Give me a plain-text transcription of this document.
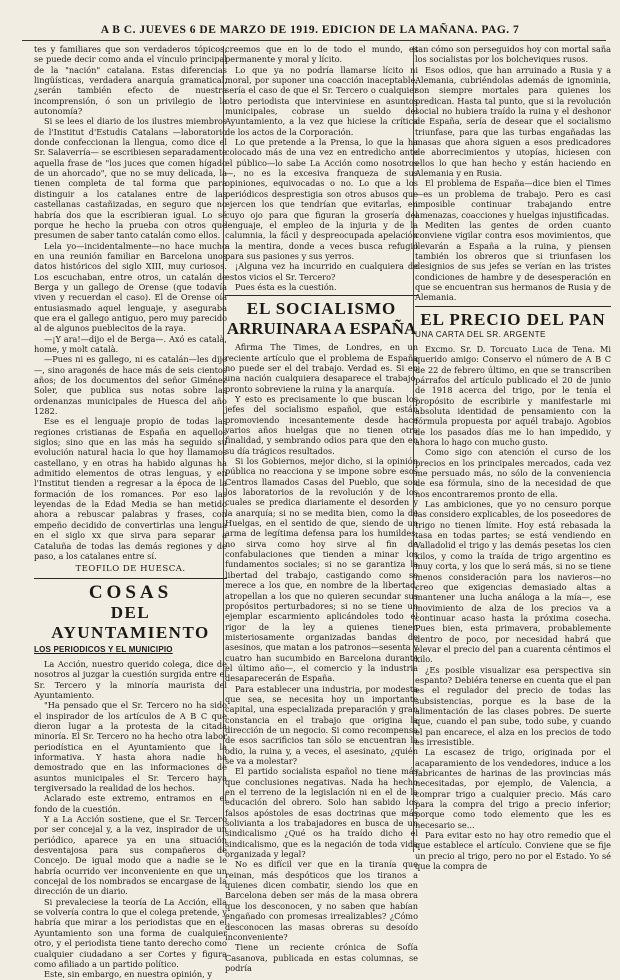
A B C. JUEVES 6 DE MARZO DE 1919. EDICION DE LA MAÑANA. PAG. 7

tes y familiares que son verdaderos tópicos, se puede decir como anda el vínculo principal de la "nación" catalana. Estas diferencias lingüísticas, verdadera anarquía gramatical, ¿serán también efecto de nuestra incomprensión, ó son un privilegio de la autonomía?

Si se lees el diario de los ilustres miembros de l'Institut d'Estudis Catalans —laboratorio donde confeccionan la llengua, como dice el Sr. Salaverría— se escribiesen separadamente aquella frase de "los juces que comen hígado de un ahorcado", que no se muy delicada, la tienen completa de tal forma que para distinguir a los catalanes entre de las castellanas castañizadas, en seguro que no habría dos que la escribieran igual. Lo sé porque he hecho la prueba con otros que presumen de saber tanto catalán como ellos.

Lela yo—incidentalmente—no hace mucho en una reunión familiar en Barcelona unos datos históricos del siglo XIII, muy curiosos. Los escuchaban, entre otros, un catalán de Berga y un gallego de Orense (que todavía viven y recuerdan el caso). El de Orense oía entusiasmado aquel lenguaje, y aseguraba que era el gallego antiguo, pero muy parecido al de algunos pueblecitos de la raya.

—¡Y ara!—dijo el de Berga—. Axó es català, home, y molt català.

—Pues ni es gallego, ni es catalán—les dije—, sino aragonés de hace más de seis cientos años; de los documentos del señor Giménez Soler, que publica sus notas sobre las ordenanzas municipales de Huesca del año 1282.

Ese es el lenguaje propio de todas las regiones cristianas de España en aquellos siglos; sino que en las más ha seguido su evolución natural hacia lo que hoy llamamos castellano, y en otras ha habido algunas ha admitido elementos de otras lenguas, y en l'Institut tienden a regresar a la época de la formación de los romances. Por eso las leyendas de la Edad Media se han metido ahora a rebuscar palabras y frases, con empeño decidido de convertirlas una lengua en el siglo xx que sirva para separar a Cataluña de todas las demás regiones y de paso, a los catalanes entre sí.

TEOFILO DE HUESCA.
COSAS
DEL AYUNTAMIENTO
LOS PERIODICOS Y EL MUNICIPIO

La Acción, nuestro querido colega, dice de nosotros al juzgar la cuestión surgida entre el Sr. Tercero y la minoría maurista del Ayuntamiento.

"Ha pensado que el Sr. Tercero no ha sido el inspirador de los artículos de A B C que dieron lugar a la protesta de la citada minoría. El Sr. Tercero no ha hecho otra labor periodística en el Ayuntamiento que la informativa. Y hasta ahora nadie ha demostrado que en las informaciones de asuntos municipales el Sr. Tercero haya tergiversado la realidad de los hechos.

Aclarado este extremo, entramos en el fondo de la cuestión.

Y a La Acción sostiene, que el Sr. Tercero por ser concejal y, a la vez, inspirador de un periódico, aparece ya en una situación desventajosa para sus compañeros de Concejo. De igual modo que a nadie se le habría ocurrido ver inconveniente en que un concejal de los nombrados se encargase de la dirección de un diario.

Si prevaleciese la teoría de La Acción, ella se volvería contra lo que el colega pretende, y habría que mirar a los periodistas que en el Ayuntamiento son una forma de cualquier otro, y el periodista tiene tanto derecho como cualquier ciudadano a ser Cortes y figura como afiliado a un partido político.

Este, sin embargo, en nuestra opinión, y

creemos que en lo de todo el mundo, es permanente y moral y lícito.

Lo que ya no podría llamarse lícito ni moral, por suponer una coacción inaceptable, sería el caso de que el Sr. Tercero o cualquier otro periodista que interviniese en asuntos municipales, cobrase un sueldo del Ayuntamiento, a la vez que hiciese la crítica de los actos de la Corporación.

Lo que pretende a la Prensa, lo que la ha colocado más de una vez en entredicho ante el público—lo sabe La Acción como nosotros—, no es la excesiva franqueza de sus opiniones, equivocadas o no. Lo que a los periódicos desprestigia son otros abusos que ejercen los que tendrían que evitarlas, en cuyo ojo para que figuran la grosería del lenguaje, el empleo de la injuria y de la calumnia, la fácil y despreocupada apelación a la mentira, donde a veces busca refugio para sus pasiones y sus yerros.

¡Alguna vez ha incurrido en cualquiera de estos vicios el Sr. Tercero?

Pues ésta es la cuestión.

EL SOCIALISMO
ARRUINARA A ESPAÑA

Afirma The Times, de Londres, en un reciente artículo que el problema de España no puede ser el del trabajo. Verdad es. Si en una nación cualquiera desaparece el trabajo, pronto sobreviene la ruina y la anarquía.

Y esto es precisamente lo que buscan los jefes del socialismo español, que están promoviendo incesantemente desde hace varios años huelgas que no tienen otra finalidad, y sembrando odios para que den en su día trágicos resultados.

Si los Gobiernos, mejor dicho, si la opinión pública no reacciona y se impone sobre esos Centros llamados Casas del Pueblo, que son los laboratorios de la revolución y de los cuales se predica diariamente el desorden y la anarquía; si no se medita bien, como la de Huelgas, en el sentido de que, siendo de un arma de legítima defensa para los humildes, no sirva como hoy sirve al fin de confabulaciones que tienden a minar los fundamentos sociales; si no se garantiza la libertad del trabajo, castigando como se merece a los que, en nombre de la libertad, atropellan a los que no quieren secundar sus propósitos perturbadores; si no se tiene un ejemplar escarmiento aplicándoles todo el rigor de la ley a quienes tienen misteriosamente organizadas bandas de asesinos, que matan a los patronos—sesenta y cuatro han sucumbido en Barcelona durante el último año—, el comercio y la industria desaparecerán de España.

Para establecer una industria, por modesta que sea, se necesita hoy un importante capital, una especializada preparación y gran constancia en el trabajo que origina la dirección de un negocio. Si como recompensa de esos sacrificios tan sólo se encuentran la odio, la ruina y, a veces, el asesinato, ¿quién se va a molestar?

El partido socialista español no tiene más que conclusiones negativas. Nada ha hecho en el terreno de la legislación ni en el de la educación del obrero. Solo han sabido los falsos apóstoles de esas doctrinas que más solivianta a los trabajadores en busca de un sindicalismo ¿Qué os ha traído dicho el sindicalismo, que es la negación de toda vida organizada y legal?

No es difícil ver que en la tiranía que reinan, más despóticos que los tiranos a quienes dicen combatir, siendo los que en Barcelona deben ser más de la masa obrera que los desconocen, y no saben que habían engañado con promesas irrealizables? ¿Cómo desconocen las masas obreras su desoído inconveniente?

Tiene un reciente crónica de Sofía Casanova, publicada en estas columnas, se podría

tan cómo son perseguidos hoy con mortal saña los socialistas por los bolcheviques rusos.

Esos odios, que han arruinado a Rusia y a Alemania, cubriéndolas además de ignominia, son siempre mortales para quienes los predican. Hasta tal punto, que si la revolución social no hubiera traído la ruina y el deshonor de España, sería de desear que el socialismo triunfase, para que las turbas engañadas las masas que ahora siguen a esos predicadores de aborrecimientos y utopías, hiciesen con ellos lo que han hecho y están haciendo en Alemania y en Rusia.

El problema de España—dice bien el Times—es un problema de trabajo. Pero es casi imposible continuar trabajando entre amenazas, coacciones y huelgas injustificadas.

Mediten las gentes de orden cuanto conviene vigilar contra esos movimientos, que llevarán a España a la ruina, y piensen también los obreros que si triunfasen los designios de sus jefes se verían en las tristes condiciones de hambre y de desesperación en que se encuentran sus hermanos de Rusia y de Alemania.

EL PRECIO DEL PAN
UNA CARTA DEL SR. ARGENTE

Excmo. Sr. D. Torcuato Luca de Tena. Mi querido amigo: Conservo el número de A B C de 22 de febrero último, en que se transcriben párrafos del artículo publicado el 20 de junio de 1918 acerca del trigo, por le tenía el propósito de escribirle y manifestarle mi absoluta identidad de pensamiento con la fórmula propuesta por aquél trabajo. Agobios de los pasados días me lo han impedido, y ahora lo hago con mucho gusto.

Como sigo con atención el curso de los precios en los principales mercados, cada vez me persuado más, no sólo de la conveniencia de esa fórmula, sino de la necesidad de que nos encontraremos pronto de ella.

Las ambiciones, que yo no censuro porque las considero explicables, de los poseedores de trigo no tienen límite. Hoy está rebasada la tasa en todas partes; se está vendiendo en Valladolid el trigo y las demás pesetas los cien kilos, y como la traída de trigo argentino es muy corta, y los que lo será más, si no se tiene menos consideración para los navieros—no creo que exigencias demasiado altas a mantener una lucha análoga a la mía—, ese movimiento de alza de los precios va a continuar acaso hasta la próxima cosecha. Pues bien, esta primavera, probablemente dentro de poco, por necesidad habrá que elevar el precio del pan a cuarenta céntimos el kilo.

¿Es posible visualizar esa perspectiva sin espanto? Debiéra tenerse en cuenta que el pan es el regulador del precio de todas las subsistencias, porque es la base de la alimentación de las clases pobres. De suerte que, cuando el pan sube, todo sube, y cuando el pan encarece, el alza en los precios de todo es irresistible.

La escasez de trigo, originada por el acaparamiento de los vendedores, induce a los fabricantes de harinas de las provincias más necesitadas, por ejemplo, de Valencia, a comprar trigo a cualquier precio. Más caro para la compra del trigo a precio inferior; porque como todo elemento que les es necesario se...

Para evitar esto no hay otro remedio que el que establece el artículo. Conviene que se fije un precio al trigo, pero no por el Estado. Yo sé que la compra de
